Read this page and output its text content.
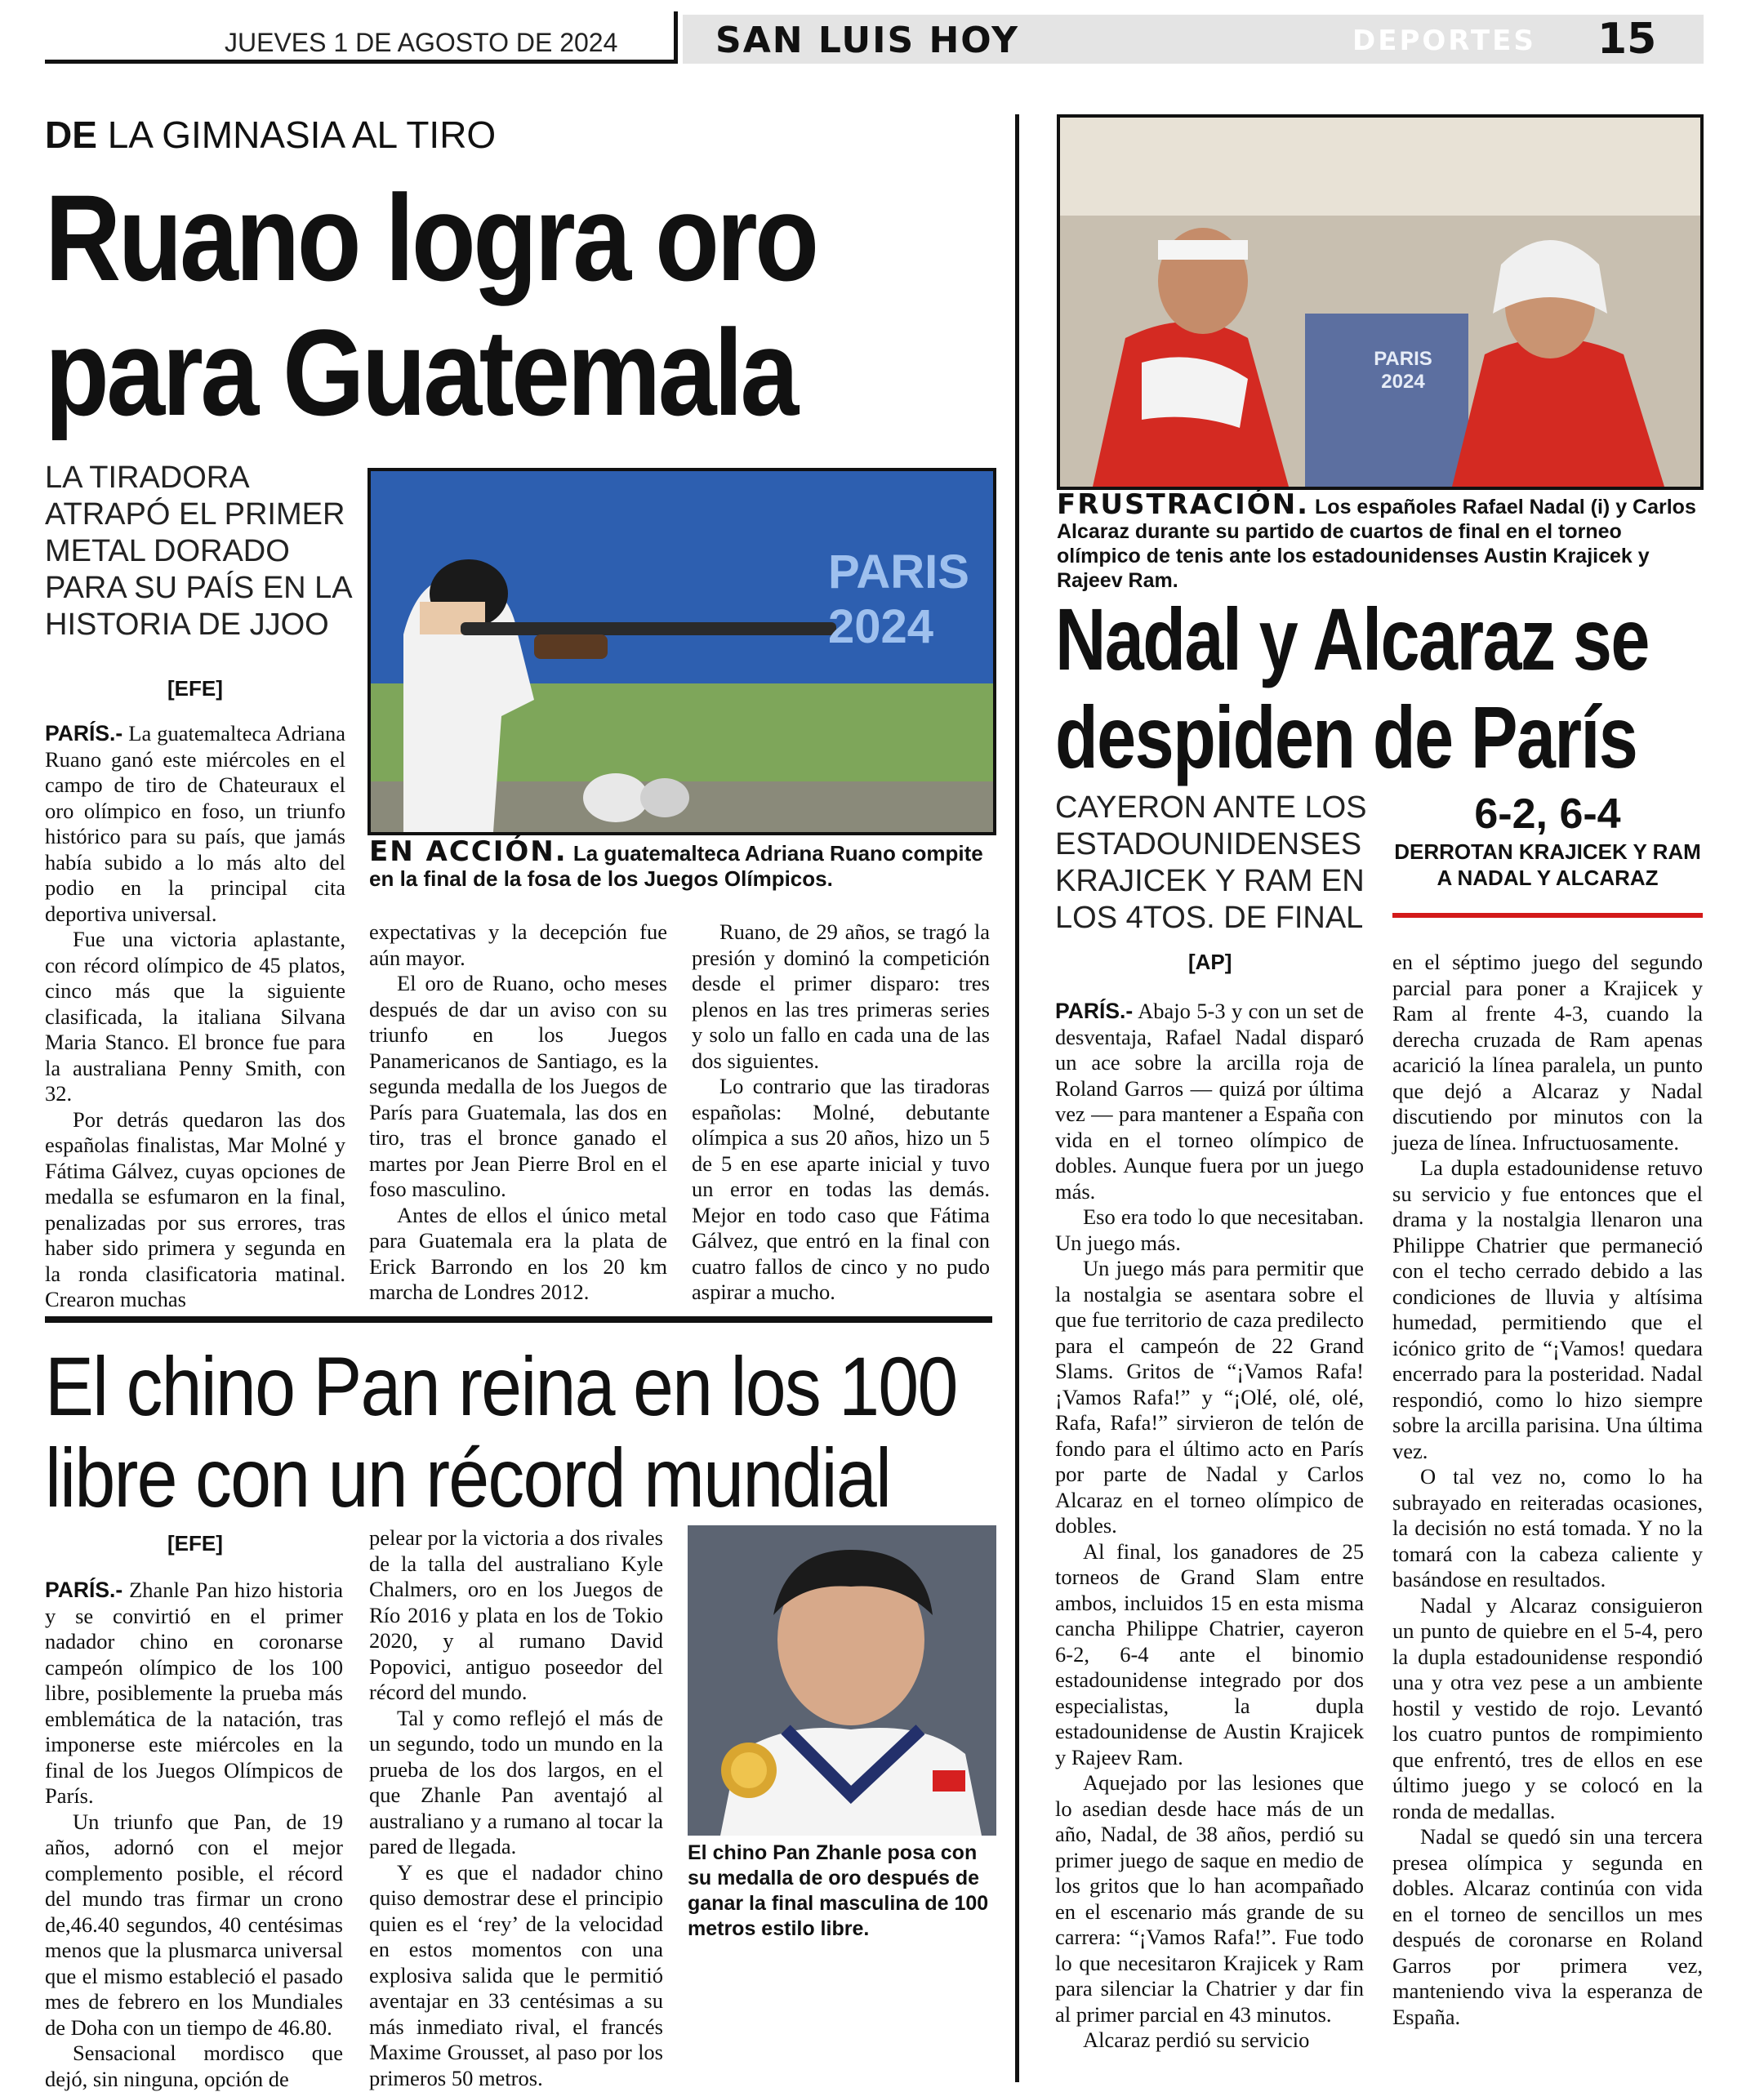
JUEVES 1 DE AGOSTO DE 2024	SAN LUIS HOY	DEPORTES 15
DE LA GIMNASIA AL TIRO
Ruano logra oro
para Guatemala
LA TIRADORA ATRAPÓ EL PRIMER METAL DORADO PARA SU PAÍS EN LA HISTORIA DE JJOO
[EFE]

PARÍS.- La guatemalteca Adriana Ruano ganó este miércoles en el campo de tiro de Chateuraux el oro olímpico en foso, un triunfo histórico para su país, que jamás había subido a lo más alto del podio en la principal cita deportiva universal.

Fue una victoria aplastante, con récord olímpico de 45 platos, cinco más que la siguiente clasificada, la italiana Silvana Maria Stanco. El bronce fue para la australiana Penny Smith, con 32.

Por detrás quedaron las dos españolas finalistas, Mar Molné y Fátima Gálvez, cuyas opciones de medalla se esfumaron en la final, penalizadas por sus errores, tras haber sido primera y segunda en la ronda clasificatoria matinal. Crearon muchas

PARIS 2024
EN ACCIÓN. La guatemalteca Adriana Ruano compite en la final de la fosa de los Juegos Olímpicos.

expectativas y la decepción fue aún mayor.

El oro de Ruano, ocho meses después de dar un aviso con su triunfo en los Juegos Panamericanos de Santiago, es la segunda medalla de los Juegos de París para Guatemala, las dos en tiro, tras el bronce ganado el martes por Jean Pierre Brol en el foso masculino.

Antes de ellos el único metal para Guatemala era la plata de Erick Barrondo en los 20 km marcha de Londres 2012.

Ruano, de 29 años, se tragó la presión y dominó la competición desde el primer disparo: tres plenos en las tres primeras series y solo un fallo en cada una de las dos siguientes.

Lo contrario que las tiradoras españolas: Molné, debutante olímpica a sus 20 años, hizo un 5 de 5 en ese aparte inicial y tuvo un error en todas las demás. Mejor en todo caso que Fátima Gálvez, que entró en la final con cuatro fallos de cinco y no pudo aspirar a mucho.

El chino Pan reina en los 100
libre con un récord mundial
[EFE]

PARÍS.- Zhanle Pan hizo historia y se convirtió en el primer nadador chino en coronarse campeón olímpico de los 100 libre, posiblemente la prueba más emblemática de la natación, tras imponerse este miércoles en la final de los Juegos Olímpicos de París.

Un triunfo que Pan, de 19 años, adornó con el mejor complemento posible, el récord del mundo tras firmar un crono de,46.40 segundos, 40 centésimas menos que la plusmarca universal que el mismo estableció el pasado mes de febrero en los Mundiales de Doha con un tiempo de 46.80.

Sensacional mordisco que dejó, sin ninguna, opción de

pelear por la victoria a dos rivales de la talla del australiano Kyle Chalmers, oro en los Juegos de Río 2016 y plata en los de Tokio 2020, y al rumano David Popovici, antiguo poseedor del récord del mundo.

Tal y como reflejó el más de un segundo, todo un mundo en la prueba de los dos largos, en el que Zhanle Pan aventajó al australiano y a rumano al tocar la pared de llegada.

Y es que el nadador chino quiso demostrar dese el principio quien es el ‘rey’ de la velocidad en estos momentos con una explosiva salida que le permitió aventajar en 33 centésimas a su más inmediato rival, el francés Maxime Grousset, al paso por los primeros 50 metros.

El chino Pan Zhanle posa con su medalla de oro después de ganar la final masculina de 100 metros estilo libre.
PARIS 2024
FRUSTRACIÓN. Los españoles Rafael Nadal (i) y Carlos Alcaraz durante su partido de cuartos de final en el torneo olímpico de tenis ante los estadounidenses Austin Krajicek y Rajeev Ram.
Nadal y Alcaraz se
despiden de París
CAYERON ANTE LOS ESTADOUNIDENSES KRAJICEK Y RAM EN LOS 4TOS. DE FINAL
6-2, 6-4
DERROTAN KRAJICEK Y RAM A NADAL Y ALCARAZ
[AP]

PARÍS.- Abajo 5-3 y con un set de desventaja, Rafael Nadal disparó un ace sobre la arcilla roja de Roland Garros — quizá por última vez — para mantener a España con vida en el torneo olímpico de dobles. Aunque fuera por un juego más.

Eso era todo lo que necesitaban. Un juego más.

Un juego más para permitir que la nostalgia se asentara sobre el que fue territorio de caza predilecto para el campeón de 22 Grand Slams. Gritos de “¡Vamos Rafa! ¡Vamos Rafa!” y “¡Olé, olé, olé, Rafa, Rafa!” sirvieron de telón de fondo para el último acto en París por parte de Nadal y Carlos Alcaraz en el torneo olímpico de dobles.

Al final, los ganadores de 25 torneos de Grand Slam entre ambos, incluidos 15 en esta misma cancha Philippe Chatrier, cayeron 6-2, 6-4 ante el binomio estadounidense integrado por dos especialistas, la dupla estadounidense de Austin Krajicek y Rajeev Ram.

Aquejado por las lesiones que lo asedian desde hace más de un año, Nadal, de 38 años, perdió su primer juego de saque en medio de los gritos que lo han acompañado en el escenario más grande de su carrera: “¡Vamos Rafa!”. Fue todo lo que necesitaron Krajicek y Ram para silenciar la Chatrier y dar fin al primer parcial en 43 minutos.

Alcaraz perdió su servicio

en el séptimo juego del segundo parcial para poner a Krajicek y Ram al frente 4-3, cuando la derecha cruzada de Ram apenas acarició la línea paralela, un punto que dejó a Alcaraz y Nadal discutiendo por minutos con la jueza de línea. Infructuosamente.

La dupla estadounidense retuvo su servicio y fue entonces que el drama y la nostalgia llenaron una Philippe Chatrier que permaneció con el techo cerrado debido a las condiciones de lluvia y altísima humedad, permitiendo que el icónico grito de “¡Vamos! quedara encerrado para la posteridad. Nadal respondió, como lo hizo siempre sobre la arcilla parisina. Una última vez.

O tal vez no, como lo ha subrayado en reiteradas ocasiones, la decisión no está tomada. Y no la tomará con la cabeza caliente y basándose en resultados.

Nadal y Alcaraz consiguieron un punto de quiebre en el 5-4, pero la dupla estadounidense respondió una y otra vez pese a un ambiente hostil y vestido de rojo. Levantó los cuatro puntos de rompimiento que enfrentó, tres de ellos en ese último juego y se colocó en la ronda de medallas.

Nadal se quedó sin una tercera presea olímpica y segunda en dobles. Alcaraz continúa con vida en el torneo de sencillos un mes después de coronarse en Roland Garros por primera vez, manteniendo viva la esperanza de España.
